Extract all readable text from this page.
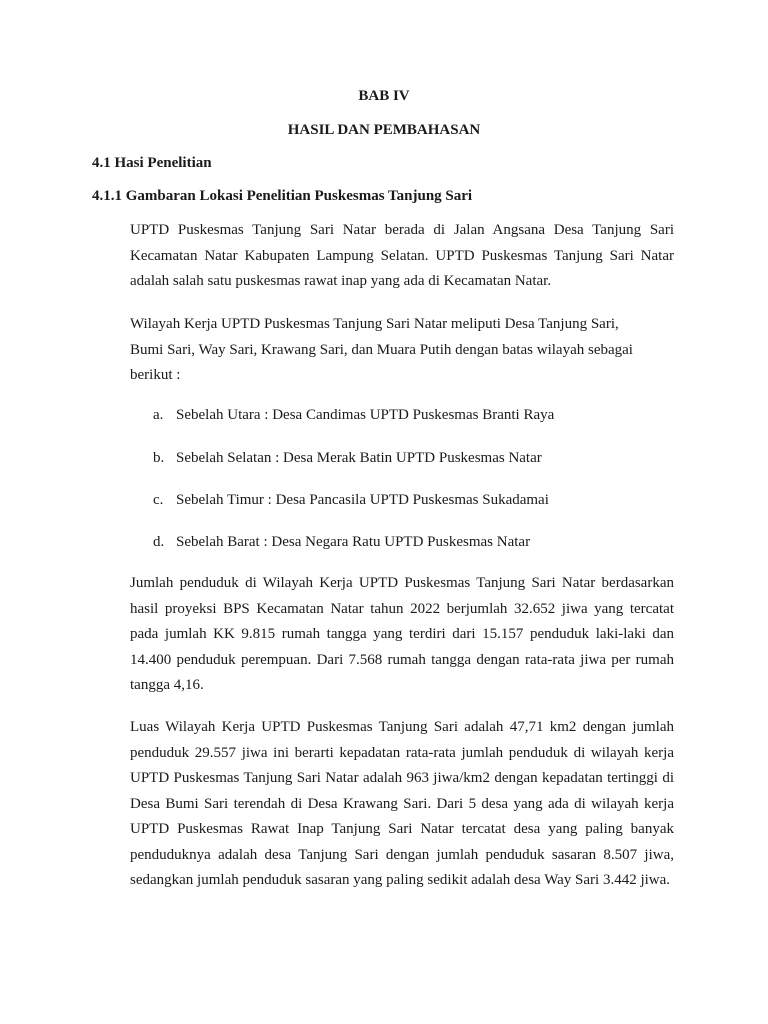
BAB IV

HASIL DAN PEMBAHASAN

4.1 Hasi Penelitian

4.1.1 Gambaran Lokasi Penelitian Puskesmas Tanjung Sari

UPTD Puskesmas Tanjung Sari Natar berada di Jalan Angsana Desa Tanjung Sari Kecamatan Natar Kabupaten Lampung Selatan. UPTD Puskesmas Tanjung Sari Natar adalah salah satu puskesmas rawat inap yang ada di Kecamatan Natar.

Wilayah Kerja UPTD Puskesmas Tanjung Sari Natar meliputi Desa Tanjung Sari, Bumi Sari, Way Sari, Krawang Sari, dan Muara Putih dengan batas wilayah sebagai berikut :

a. Sebelah Utara : Desa Candimas UPTD Puskesmas Branti Raya

b. Sebelah Selatan : Desa Merak Batin UPTD Puskesmas Natar

c. Sebelah Timur : Desa Pancasila UPTD Puskesmas Sukadamai

d. Sebelah Barat : Desa Negara Ratu UPTD Puskesmas Natar

Jumlah penduduk di Wilayah Kerja UPTD Puskesmas Tanjung Sari Natar berdasarkan hasil proyeksi BPS Kecamatan Natar tahun 2022 berjumlah 32.652 jiwa yang tercatat pada jumlah KK 9.815 rumah tangga yang terdiri dari 15.157 penduduk laki-laki dan 14.400 penduduk perempuan. Dari 7.568 rumah tangga dengan rata-rata jiwa per rumah tangga 4,16.

Luas Wilayah Kerja UPTD Puskesmas Tanjung Sari adalah 47,71 km2 dengan jumlah penduduk 29.557 jiwa ini berarti kepadatan rata-rata jumlah penduduk di wilayah kerja UPTD Puskesmas Tanjung Sari Natar adalah 963 jiwa/km2 dengan kepadatan tertinggi di Desa Bumi Sari terendah di Desa Krawang Sari. Dari 5 desa yang ada di wilayah kerja UPTD Puskesmas Rawat Inap Tanjung Sari Natar tercatat desa yang paling banyak penduduknya adalah desa Tanjung Sari dengan jumlah penduduk sasaran 8.507 jiwa, sedangkan jumlah penduduk sasaran yang paling sedikit adalah desa Way Sari 3.442 jiwa.
